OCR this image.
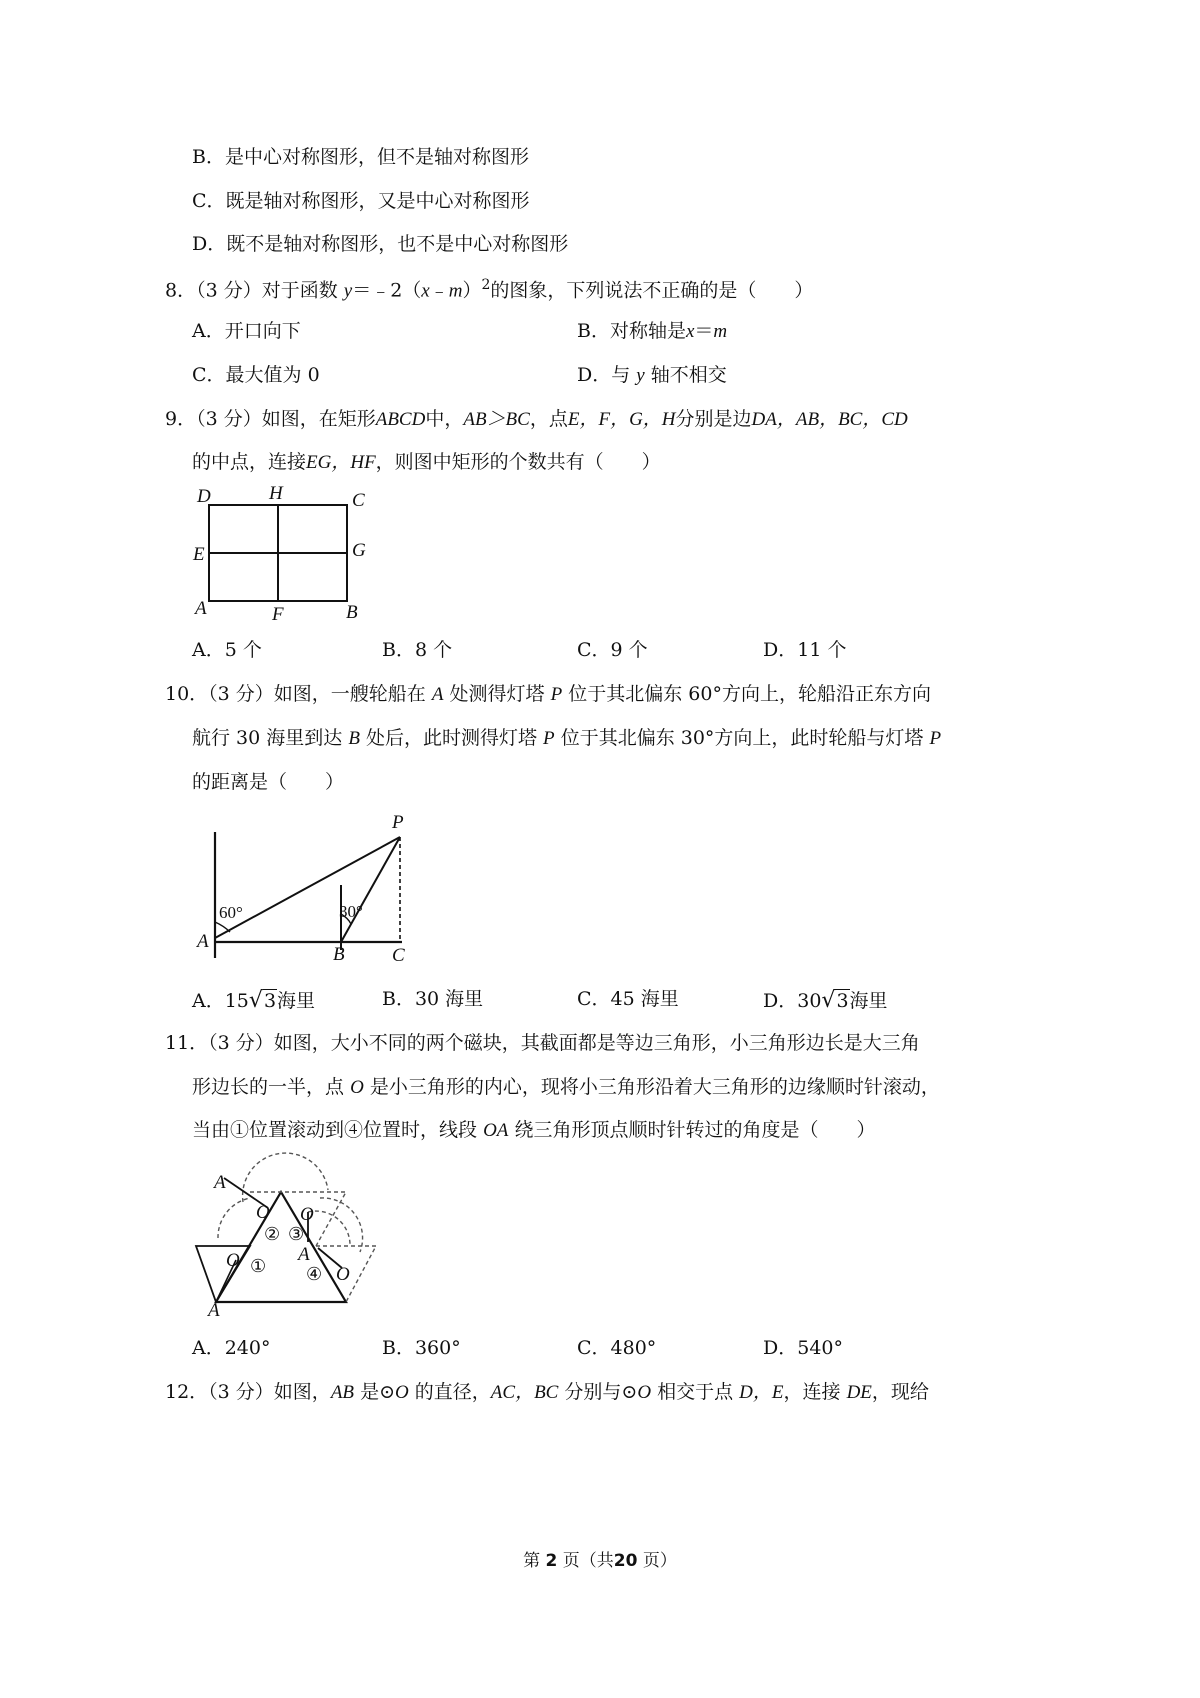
B．是中心对称图形，但不是轴对称图形
C．既是轴对称图形，又是中心对称图形
D．既不是轴对称图形，也不是中心对称图形
8．（3 分）对于函数 y＝﹣2（x﹣m）$^2$的图象，下列说法不正确的是（　　）
A．开口向下	B．对称轴是x＝m
C．最大值为 0	D．与 y 轴不相交
9．（3 分）如图，在矩形ABCD中，AB＞BC，点E，F，G，H分别是边DA，AB，BC，CD
的中点，连接EG，HF，则图中矩形的个数共有（　　）
D	H	C
E	G
A	F	B
A．5 个	B．8 个	C．9 个	D．11 个
10．（3 分）如图，一艘轮船在 A 处测得灯塔 P 位于其北偏东 60°方向上，轮船沿正东方向
航行 30 海里到达 B 处后，此时测得灯塔 P 位于其北偏东 30°方向上，此时轮船与灯塔 P
的距离是（　　）
P
A
B C
60°	30°
A．15√3海里	B．30 海里	C．45 海里	D．30√3海里
11．（3 分）如图，大小不同的两个磁块，其截面都是等边三角形，小三角形边长是大三角
形边长的一半，点 O 是小三角形的内心，现将小三角形沿着大三角形的边缘顺时针滚动，
当由①位置滚动到④位置时，线段 OA 绕三角形顶点顺时针转过的角度是（　　）
A
O
② ③
O
A
O ① ④ O
A
A．240°	B．360°	C．480°	D．540°
12．（3 分）如图，AB 是⊙O 的直径，AC，BC 分别与⊙O 相交于点 D，E，连接 DE，现给
第 2 页（共20 页）
